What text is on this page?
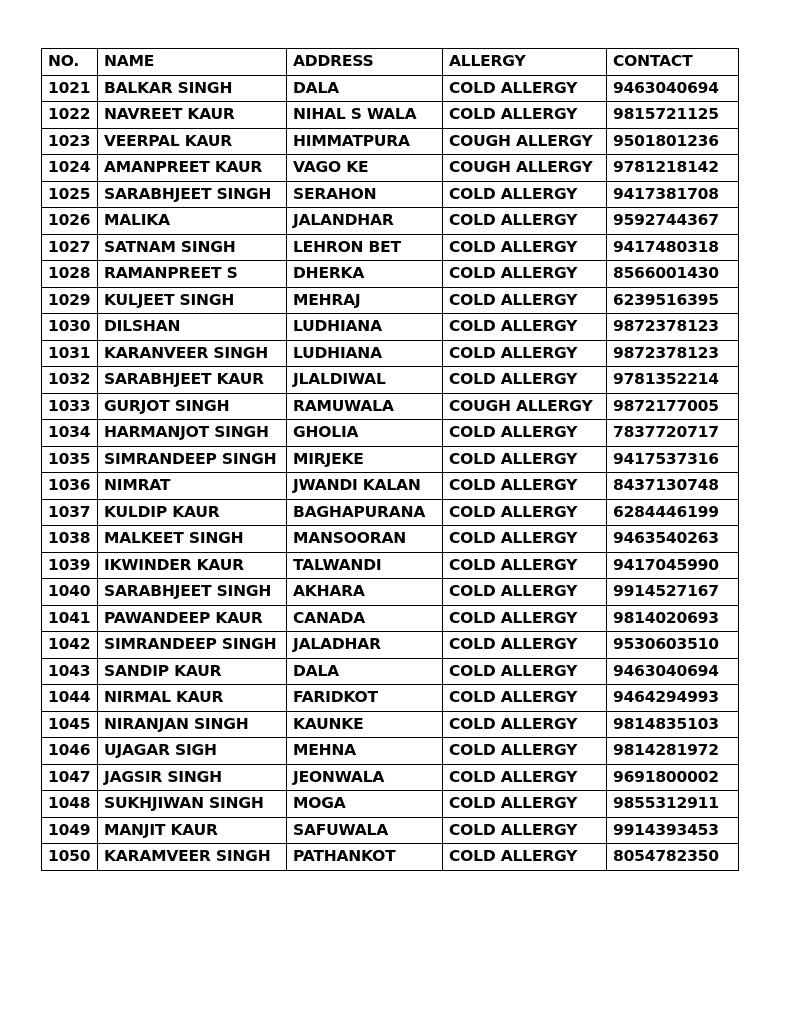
NO.	NAME	ADDRESS	ALLERGY	CONTACT
1021	BALKAR SINGH	DALA	COLD ALLERGY	9463040694
1022	NAVREET KAUR	NIHAL S WALA	COLD ALLERGY	9815721125
1023	VEERPAL KAUR	HIMMATPURA	COUGH ALLERGY	9501801236
1024	AMANPREET KAUR	VAGO KE	COUGH ALLERGY	9781218142
1025	SARABHJEET SINGH	SERAHON	COLD ALLERGY	9417381708
1026	MALIKA	JALANDHAR	COLD ALLERGY	9592744367
1027	SATNAM SINGH	LEHRON BET	COLD ALLERGY	9417480318
1028	RAMANPREET S	DHERKA	COLD ALLERGY	8566001430
1029	KULJEET SINGH	MEHRAJ	COLD ALLERGY	6239516395
1030	DILSHAN	LUDHIANA	COLD ALLERGY	9872378123
1031	KARANVEER SINGH	LUDHIANA	COLD ALLERGY	9872378123
1032	SARABHJEET KAUR	JLALDIWAL	COLD ALLERGY	9781352214
1033	GURJOT SINGH	RAMUWALA	COUGH ALLERGY	9872177005
1034	HARMANJOT SINGH	GHOLIA	COLD ALLERGY	7837720717
1035	SIMRANDEEP SINGH	MIRJEKE	COLD ALLERGY	9417537316
1036	NIMRAT	JWANDI KALAN	COLD ALLERGY	8437130748
1037	KULDIP KAUR	BAGHAPURANA	COLD ALLERGY	6284446199
1038	MALKEET SINGH	MANSOORAN	COLD ALLERGY	9463540263
1039	IKWINDER KAUR	TALWANDI	COLD ALLERGY	9417045990
1040	SARABHJEET SINGH	AKHARA	COLD ALLERGY	9914527167
1041	PAWANDEEP KAUR	CANADA	COLD ALLERGY	9814020693
1042	SIMRANDEEP SINGH	JALADHAR	COLD ALLERGY	9530603510
1043	SANDIP KAUR	DALA	COLD ALLERGY	9463040694
1044	NIRMAL KAUR	FARIDKOT	COLD ALLERGY	9464294993
1045	NIRANJAN SINGH	KAUNKE	COLD ALLERGY	9814835103
1046	UJAGAR SIGH	MEHNA	COLD ALLERGY	9814281972
1047	JAGSIR SINGH	JEONWALA	COLD ALLERGY	9691800002
1048	SUKHJIWAN SINGH	MOGA	COLD ALLERGY	9855312911
1049	MANJIT KAUR	SAFUWALA	COLD ALLERGY	9914393453
1050	KARAMVEER SINGH	PATHANKOT	COLD ALLERGY	8054782350
